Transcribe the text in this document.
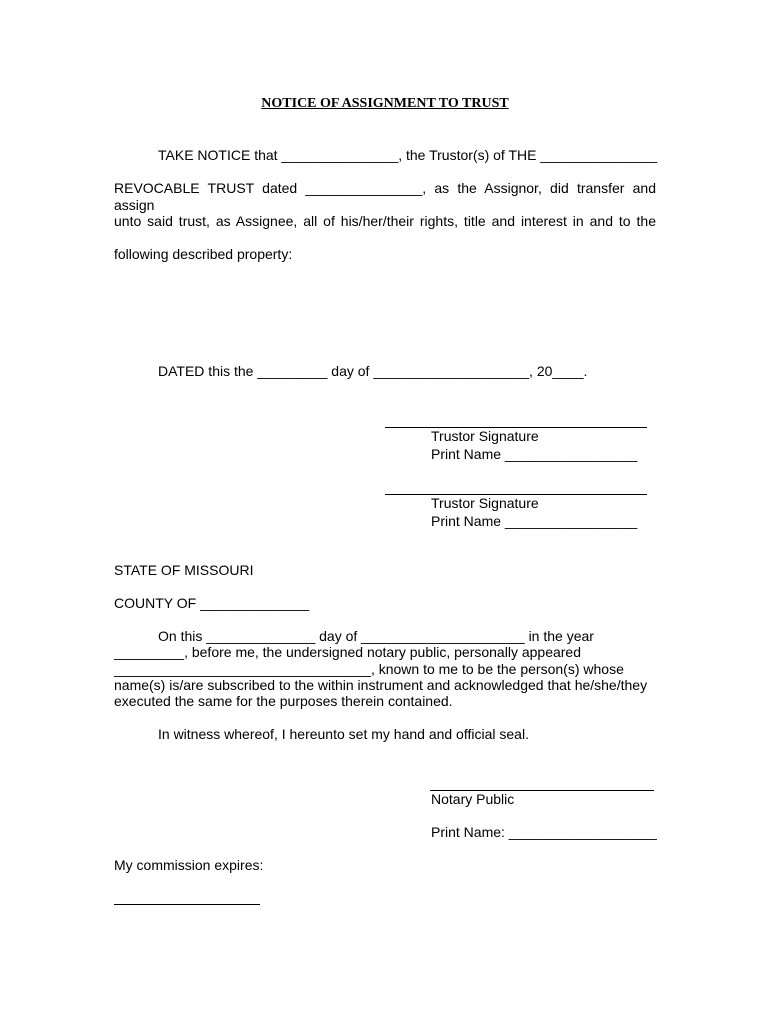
NOTICE OF ASSIGNMENT TO TRUST
TAKE NOTICE that _______________, the Trustor(s) of THE _______________
REVOCABLE TRUST dated _______________, as the Assignor, did transfer and assign
unto said trust, as Assignee, all of his/her/their rights, title and interest in and to the
following described property:
DATED this the _________ day of ____________________, 20____.
Trustor Signature
Print Name _________________
Trustor Signature
Print Name _________________
STATE OF MISSOURI
COUNTY OF ______________
On this ______________ day of _____________________ in the year
_________, before me, the undersigned notary public, personally appeared
_________________________________, known to me to be the person(s) whose
name(s) is/are subscribed to the within instrument and acknowledged that he/she/they
executed the same for the purposes therein contained.
In witness whereof, I hereunto set my hand and official seal.
Notary Public
Print Name: ___________________
My commission expires:
